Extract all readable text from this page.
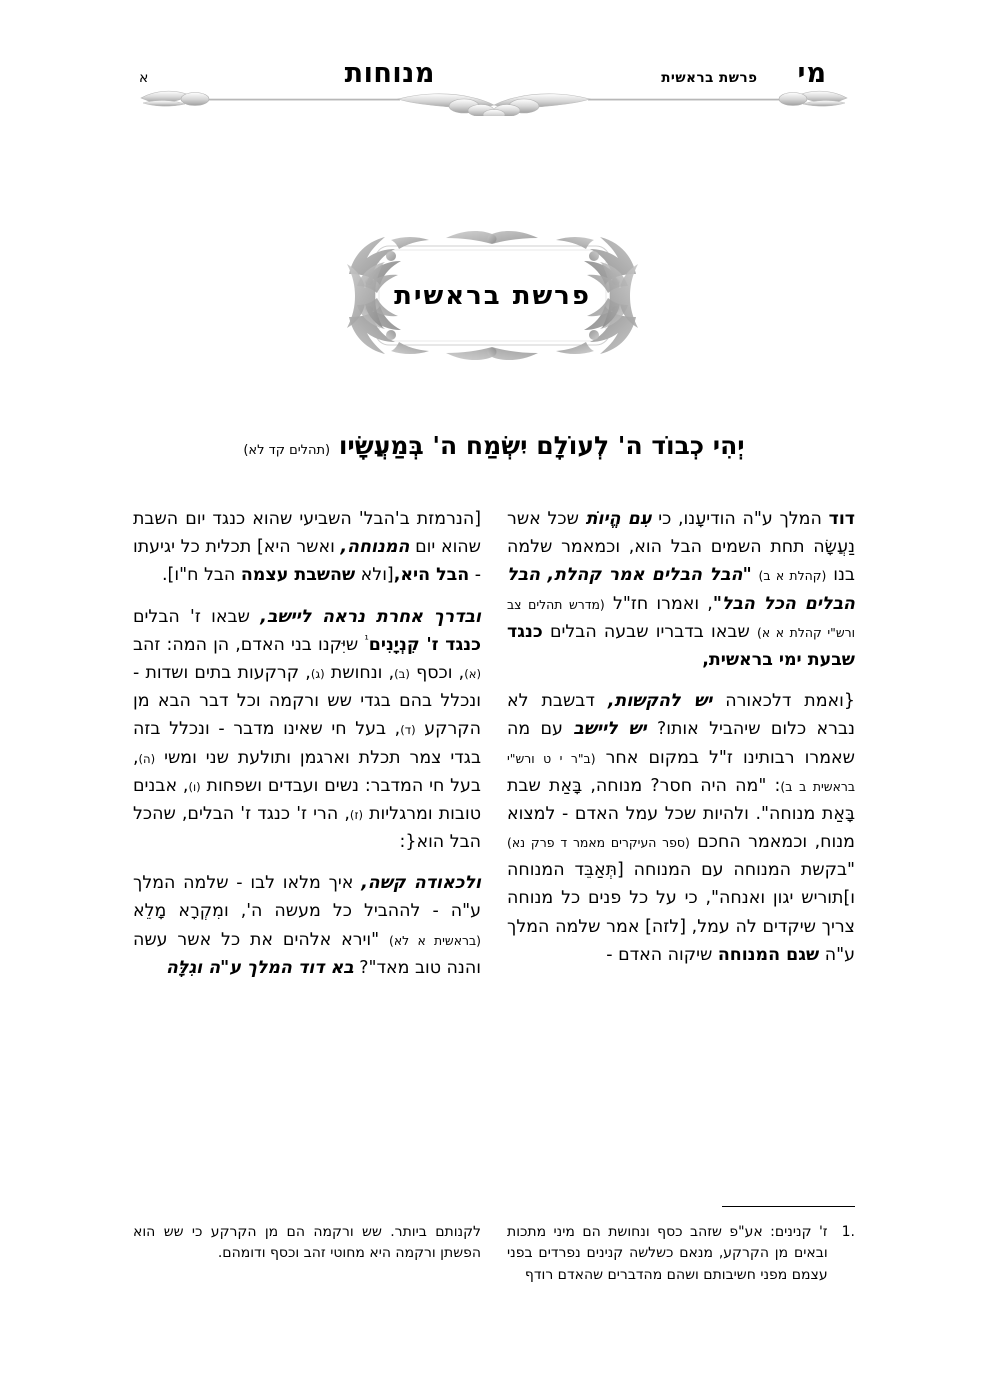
מי
פרשת בראשית
מנוחות
א
פרשת בראשית
יְהִי כְבוֹד ה' לְעוֹלָם יִשְׂמַח ה' בְּמַעֲשָׂיו (תהלים קד לא)

דוד המלך ע"ה הודיעָנו, כי עִם הֱיוֹת שכל אשר נַעֲשָׂה תחת השמים הבל הוא, וכמאמר שלמה בנו (קהלת א ב) "הבל הבלים אמר קהלת, הבל הבלים הכל הבל", ואמרו חז"ל (מדרש תהלים צב ורש"י קהלת א א) שבאו בדבריו שבעה הבלים כנגד שבעת ימי בראשית,

{ואמת דלכאורה יש להקשות, דבשבת לא נברא כלום שיהביל אותו? יש ליישב עם מה שאמרו רבותינו ז"ל במקום אחר (ב"ר י ט ורש"י בראשית ב ב): "מה היה חסר? מנוחה, בָּאַת שבת בָּאַת מנוחה". ולהיות שכל עמל האדם - למצוא מנוח, וכמאמר החכם (ספר העיקרים מאמר ד פרק נא) "בקשת המנוחה עם המנוחה [תְּאַבֵּד המנוחה ו]תוריש יגון ואנחה", כי על כל פנים כל מנוחה צריך שיקדים לה עמל, [לזה] אמר שלמה המלך ע"ה שגם המנוחה שיקוה האדם -

[הנרמזת ב'הבל' השביעי שהוא כנגד יום השבת שהוא יום המנוחה, ואשר היא] תכלית כל יגיעתו - הבל היא,[ולא שהשבת עצמה הבל ח"ו].

ובדרך אחרת נראה ליישב, שבאו ז' הבלים כנגד ז' קִנְיָנִים$^{^1}$ שיִּקנו בני האדם, הן המה: זהב (א), וכסף (ב), ונחושת (ג), קרקעות בתים ושדות - ונכלל בהם בגדי שש ורקמה וכל דבר הבא מן הקרקע (ד), בעל חי שאינו מדבר - ונכלל בזה בגדי צמר תכלת וארגמן ותולעת שני ומשי (ה), בעל חי המדבר: נשים ועבדים ושפחות (ו), אבנים טובות ומרגליות (ז), הרי ז' כנגד ז' הבלים, שהכל הבל הוא{:

ולכאודה קשה, איך מלאו לבו - שלמה המלך ע"ה - לההביל כל מעשה ה', ומִקְרָא מָלֵא (בראשית א לא) "וירא אלהים את כל אשר עשה והנה טוב מאד"? בא דוד המלך ע"ה וגִלָּה

1.
ז' קנינים: אע"פ שזהב כסף ונחושת הם מיני מתכות ובאים מן הקרקע, מנאם כשלשה קנינים נפרדים בפני עצמם מפני חשיבותם ושהם מהדברים שהאדם רודף
לקנותם ביותר. שש ורקמה הם מן הקרקע כי שש הוא הפשתן ורקמה היא מחוטי זהב וכסף ודומהם.
